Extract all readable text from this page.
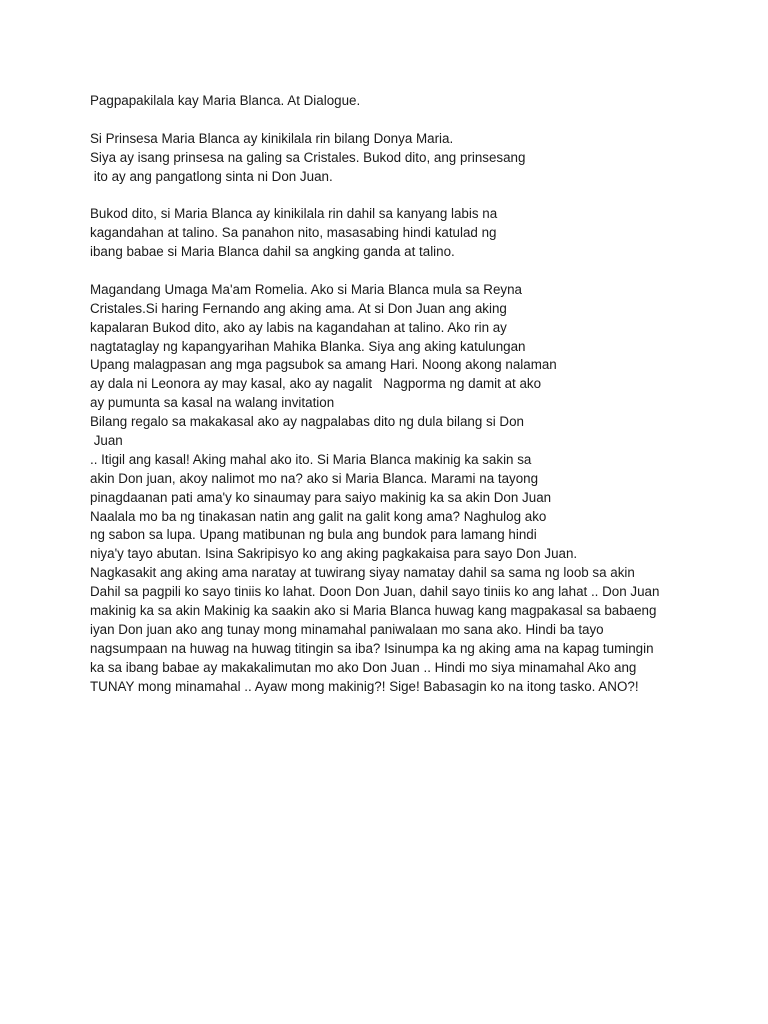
Pagpapakilala kay Maria Blanca. At Dialogue.
Si Prinsesa Maria Blanca ay kinikilala rin bilang Donya Maria.
Siya ay isang prinsesa na galing sa Cristales. Bukod dito, ang prinsesang
ito ay ang pangatlong sinta ni Don Juan.
Bukod dito, si Maria Blanca ay kinikilala rin dahil sa kanyang labis na
kagandahan at talino. Sa panahon nito, masasabing hindi katulad ng
ibang babae si Maria Blanca dahil sa angking ganda at talino.
Magandang Umaga Ma'am Romelia. Ako si Maria Blanca mula sa Reyna
Cristales.Si haring Fernando ang aking ama. At si Don Juan ang aking
kapalaran Bukod dito, ako ay labis na kagandahan at talino. Ako rin ay
nagtataglay ng kapangyarihan Mahika Blanka. Siya ang aking katulungan
Upang malagpasan ang mga pagsubok sa amang Hari. Noong akong nalaman
ay dala ni Leonora ay may kasal, ako ay nagalit   Nagporma ng damit at ako
ay pumunta sa kasal na walang invitation
Bilang regalo sa makakasal ako ay nagpalabas dito ng dula bilang si Don
Juan
.. Itigil ang kasal! Aking mahal ako ito. Si Maria Blanca makinig ka sakin sa
akin Don juan, akoy nalimot mo na? ako si Maria Blanca. Marami na tayong
pinagdaanan pati ama'y ko sinaumay para saiyo makinig ka sa akin Don Juan
Naalala mo ba ng tinakasan natin ang galit na galit kong ama? Naghulog ako
ng sabon sa lupa. Upang matibunan ng bula ang bundok para lamang hindi
niya'y tayo abutan. Isina Sakripisyo ko ang aking pagkakaisa para sayo Don Juan.
Nagkasakit ang aking ama naratay at tuwirang siyay namatay dahil sa sama ng loob sa akin
Dahil sa pagpili ko sayo tiniis ko lahat. Doon Don Juan, dahil sayo tiniis ko ang lahat .. Don Juan
makinig ka sa akin Makinig ka saakin ako si Maria Blanca huwag kang magpakasal sa babaeng
iyan Don juan ako ang tunay mong minamahal paniwalaan mo sana ako. Hindi ba tayo
nagsumpaan na huwag na huwag titingin sa iba? Isinumpa ka ng aking ama na kapag tumingin
ka sa ibang babae ay makakalimutan mo ako Don Juan .. Hindi mo siya minamahal Ako ang
TUNAY mong minamahal .. Ayaw mong makinig?! Sige! Babasagin ko na itong tasko. ANO?!
